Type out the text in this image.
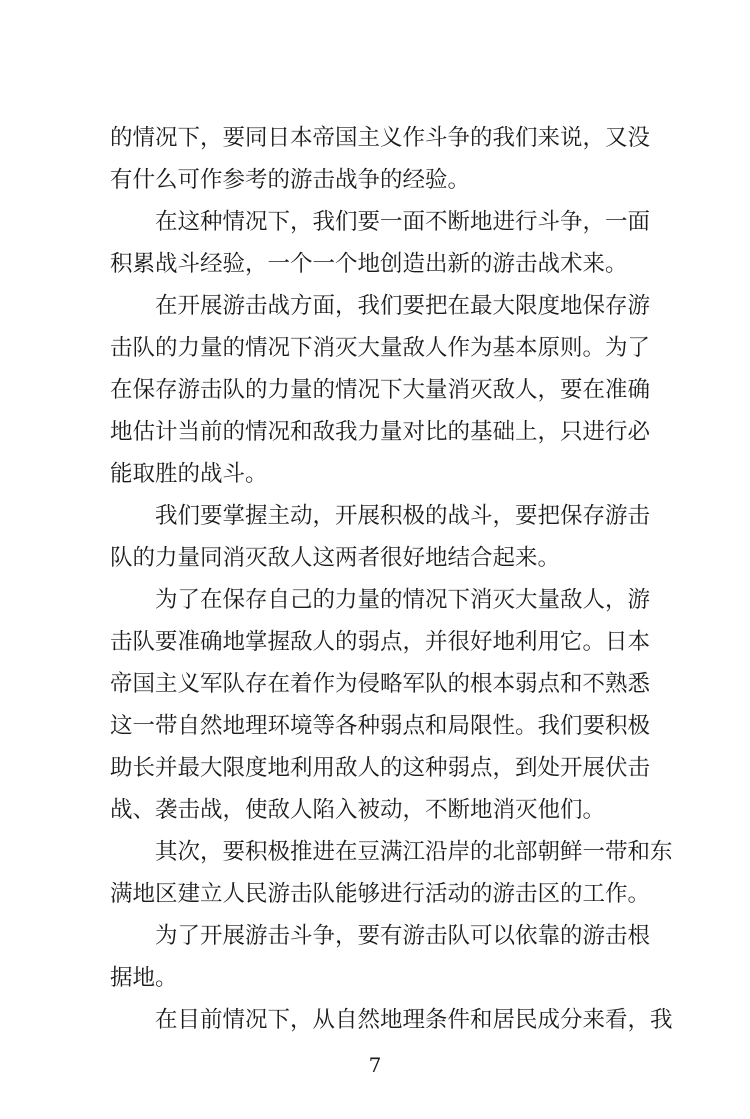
的情况下，要同日本帝国主义作斗争的我们来说，又没
有什么可作参考的游击战争的经验。
在这种情况下，我们要一面不断地进行斗争，一面
积累战斗经验，一个一个地创造出新的游击战术来。
在开展游击战方面，我们要把在最大限度地保存游
击队的力量的情况下消灭大量敌人作为基本原则。为了
在保存游击队的力量的情况下大量消灭敌人，要在准确
地估计当前的情况和敌我力量对比的基础上，只进行必
能取胜的战斗。
我们要掌握主动，开展积极的战斗，要把保存游击
队的力量同消灭敌人这两者很好地结合起来。
为了在保存自己的力量的情况下消灭大量敌人，游
击队要准确地掌握敌人的弱点，并很好地利用它。日本
帝国主义军队存在着作为侵略军队的根本弱点和不熟悉
这一带自然地理环境等各种弱点和局限性。我们要积极
助长并最大限度地利用敌人的这种弱点，到处开展伏击
战、袭击战，使敌人陷入被动，不断地消灭他们。
其次，要积极推进在豆满江沿岸的北部朝鲜一带和东
满地区建立人民游击队能够进行活动的游击区的工作。
为了开展游击斗争，要有游击队可以依靠的游击根
据地。
在目前情况下，从自然地理条件和居民成分来看，我
7
